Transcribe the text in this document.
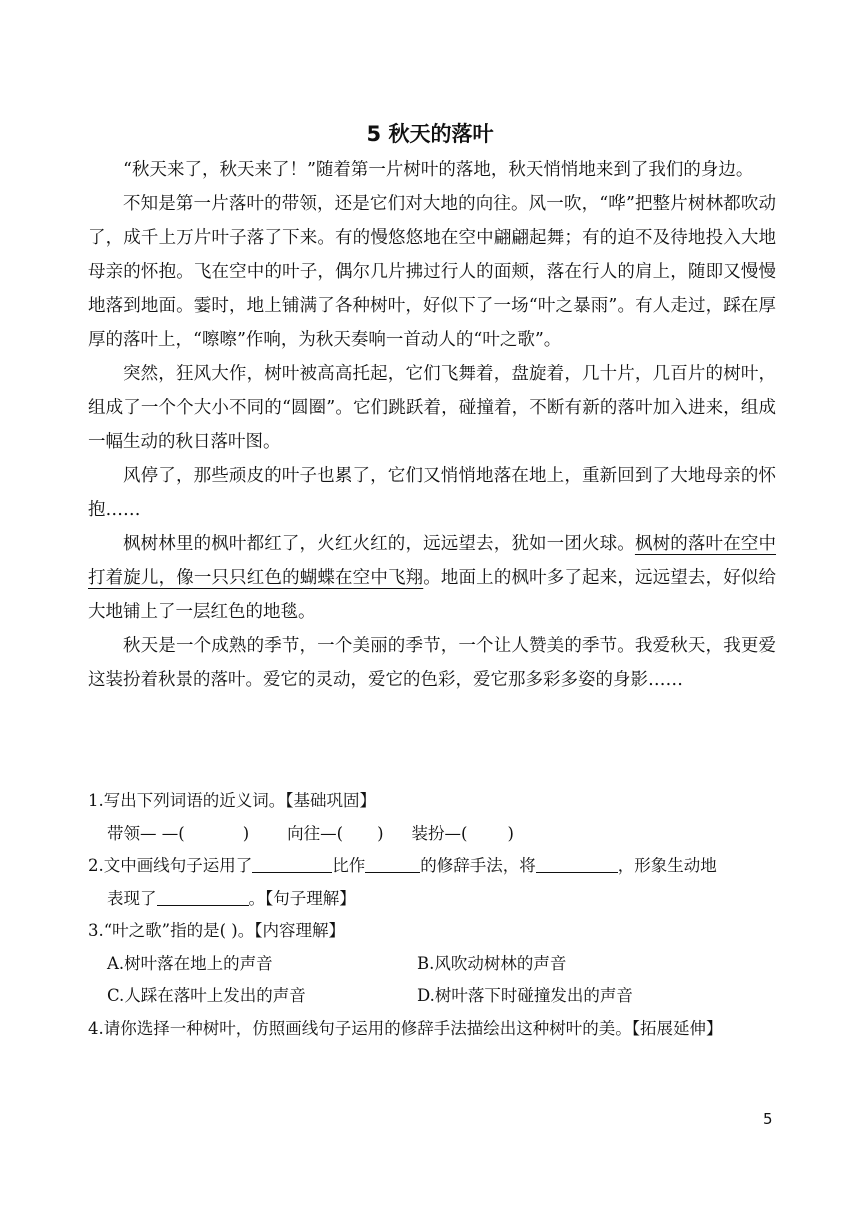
5 秋天的落叶

“秋天来了，秋天来了！”随着第一片树叶的落地，秋天悄悄地来到了我们的身边。

不知是第一片落叶的带领，还是它们对大地的向往。风一吹，“哗”把整片树林都吹动了，成千上万片叶子落了下来。有的慢悠悠地在空中翩翩起舞；有的迫不及待地投入大地母亲的怀抱。飞在空中的叶子，偶尔几片拂过行人的面颊，落在行人的肩上，随即又慢慢地落到地面。霎时，地上铺满了各种树叶，好似下了一场“叶之暴雨”。有人走过，踩在厚厚的落叶上，“嚓嚓”作响，为秋天奏响一首动人的“叶之歌”。

突然，狂风大作，树叶被高高托起，它们飞舞着，盘旋着，几十片，几百片的树叶，组成了一个个大小不同的“圆圈”。它们跳跃着，碰撞着，不断有新的落叶加入进来，组成一幅生动的秋日落叶图。

风停了，那些顽皮的叶子也累了，它们又悄悄地落在地上，重新回到了大地母亲的怀抱……

枫树林里的枫叶都红了，火红火红的，远远望去，犹如一团火球。枫树的落叶在空中打着旋儿，像一只只红色的蝴蝶在空中飞翔。地面上的枫叶多了起来，远远望去，好似给大地铺上了一层红色的地毯。

秋天是一个成熟的季节，一个美丽的季节，一个让人赞美的季节。我爱秋天，我更爱这装扮着秋景的落叶。爱它的灵动，爱它的色彩，爱它那多彩多姿的身影……

1.写出下列词语的近义词。【基础巩固】
带领— —(	) 向往—( ) 装扮—( )
2.文中画线句子运用了	比作	的修辞手法，将	，形象生动地
表现了	。【句子理解】
3.“叶之歌”指的是( )。【内容理解】
A.树叶落在地上的声音	B.风吹动树林的声音
C.人踩在落叶上发出的声音	D.树叶落下时碰撞发出的声音
4.请你选择一种树叶，仿照画线句子运用的修辞手法描绘出这种树叶的美。【拓展延伸】
5
